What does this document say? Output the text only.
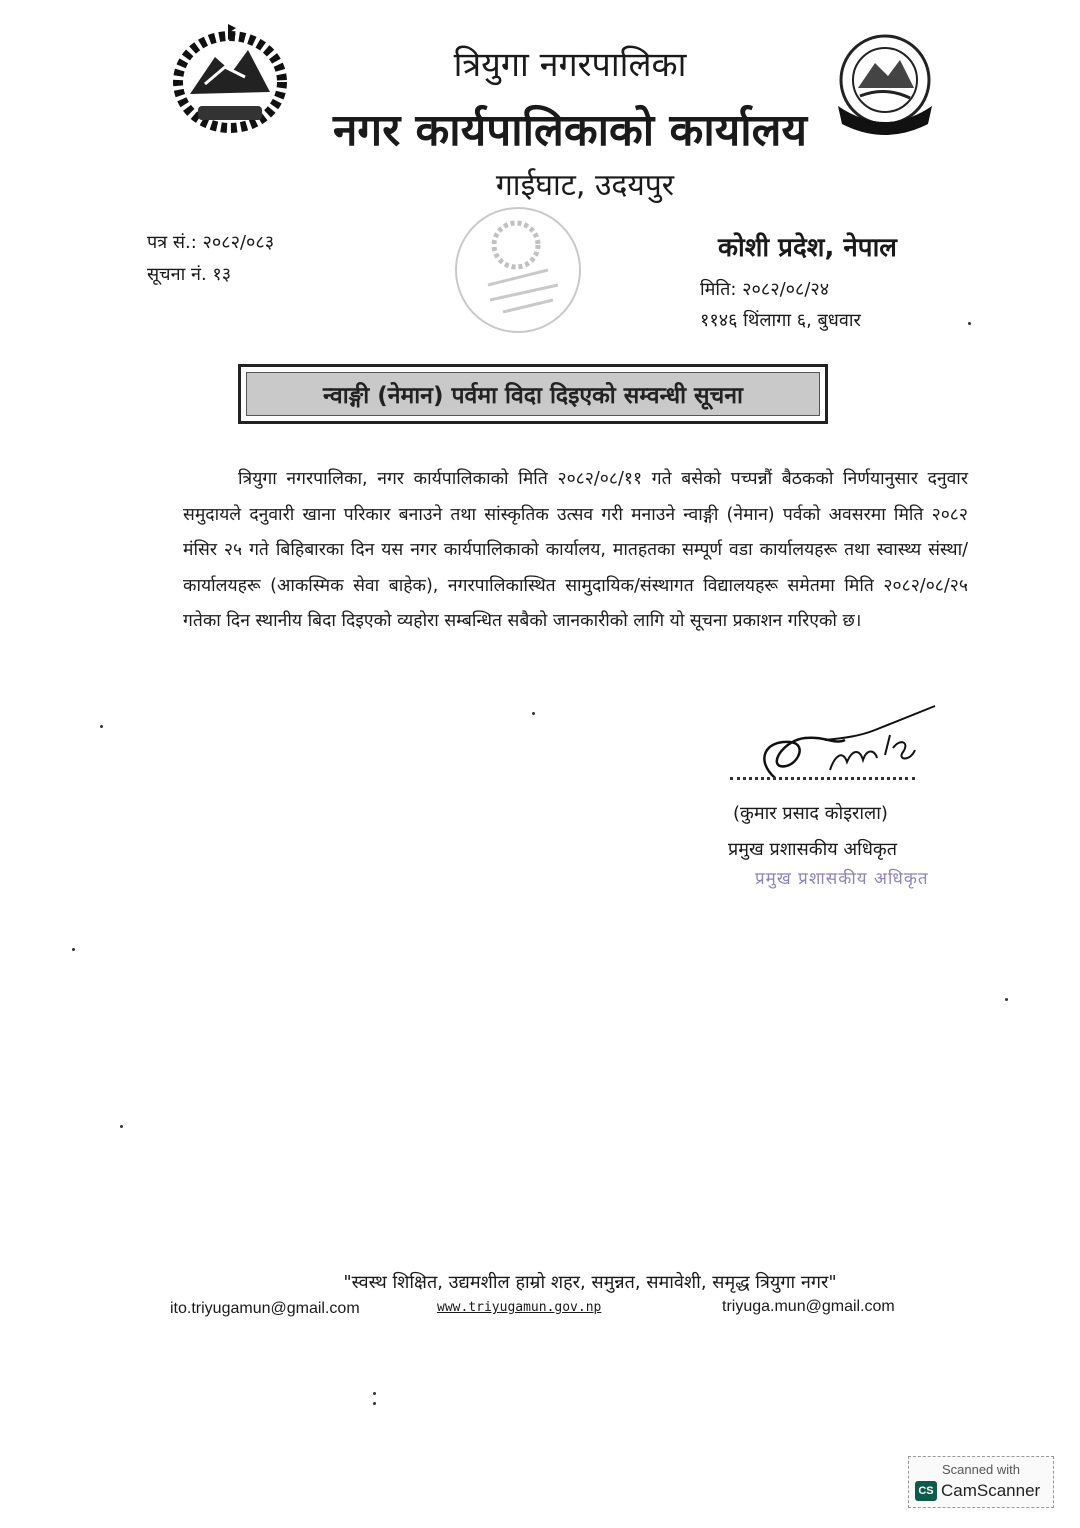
त्रियुगा नगरपालिका
नगर कार्यपालिकाको कार्यालय
गाईघाट, उदयपुर
पत्र सं.: २०८२/०८३
सूचना नं. १३
कोशी प्रदेश, नेपाल
मिति: २०८२/०८/२४
११४६ थिंलागा ६, बुधवार
न्वाङ्गी (नेमान) पर्वमा विदा दिइएको सम्वन्धी सूचना
त्रियुगा नगरपालिका, नगर कार्यपालिकाको मिति २०८२/०८/११ गते बसेको पच्पन्नौं बैठकको निर्णयानुसार दनुवार समुदायले दनुवारी खाना परिकार बनाउने तथा सांस्कृतिक उत्सव गरी मनाउने न्वाङ्गी (नेमान) पर्वको अवसरमा मिति २०८२ मंसिर २५ गते बिहिबारका दिन यस नगर कार्यपालिकाको कार्यालय, मातहतका सम्पूर्ण वडा कार्यालयहरू तथा स्वास्थ्य संस्था/कार्यालयहरू (आकस्मिक सेवा बाहेक), नगरपालिकास्थित सामुदायिक/संस्थागत विद्यालयहरू समेतमा मिति २०८२/०८/२५ गतेका दिन स्थानीय बिदा दिइएको व्यहोरा सम्बन्धित सबैको जानकारीको लागि यो सूचना प्रकाशन गरिएको छ।
(कुमार प्रसाद कोइराला)
प्रमुख प्रशासकीय अधिकृत
प्रमुख प्रशासकीय अधिकृत
"स्वस्थ शिक्षित, उद्यमशील हाम्रो शहर, समुन्नत, समावेशी, समृद्ध त्रियुगा नगर"
ito.triyugamun@gmail.com	www.triyugamun.gov.np	triyuga.mun@gmail.com
Scanned with
CS CamScanner
